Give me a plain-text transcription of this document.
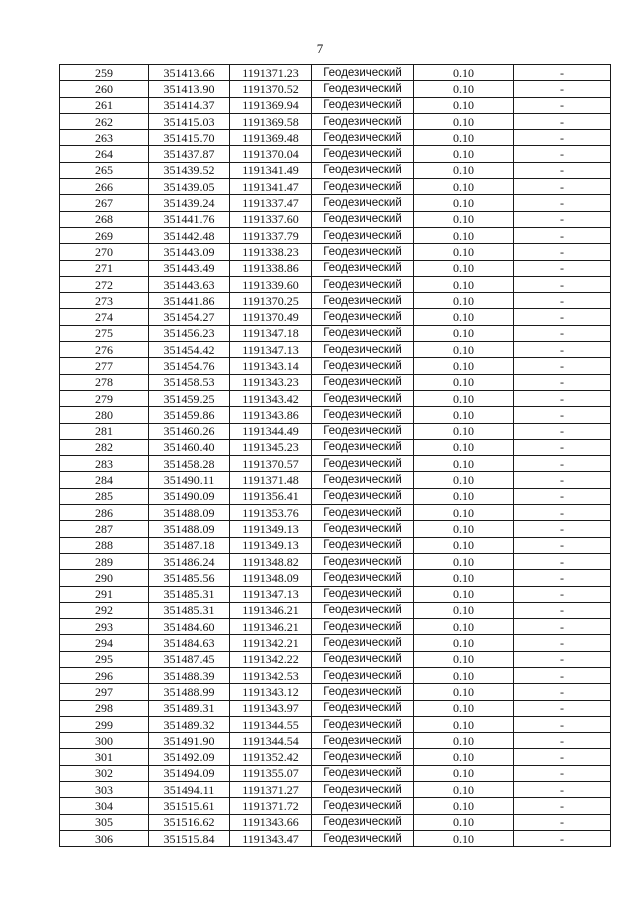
7
259	351413.66	1191371.23	Геодезический	0.10	-
260	351413.90	1191370.52	Геодезический	0.10	-
261	351414.37	1191369.94	Геодезический	0.10	-
262	351415.03	1191369.58	Геодезический	0.10	-
263	351415.70	1191369.48	Геодезический	0.10	-
264	351437.87	1191370.04	Геодезический	0.10	-
265	351439.52	1191341.49	Геодезический	0.10	-
266	351439.05	1191341.47	Геодезический	0.10	-
267	351439.24	1191337.47	Геодезический	0.10	-
268	351441.76	1191337.60	Геодезический	0.10	-
269	351442.48	1191337.79	Геодезический	0.10	-
270	351443.09	1191338.23	Геодезический	0.10	-
271	351443.49	1191338.86	Геодезический	0.10	-
272	351443.63	1191339.60	Геодезический	0.10	-
273	351441.86	1191370.25	Геодезический	0.10	-
274	351454.27	1191370.49	Геодезический	0.10	-
275	351456.23	1191347.18	Геодезический	0.10	-
276	351454.42	1191347.13	Геодезический	0.10	-
277	351454.76	1191343.14	Геодезический	0.10	-
278	351458.53	1191343.23	Геодезический	0.10	-
279	351459.25	1191343.42	Геодезический	0.10	-
280	351459.86	1191343.86	Геодезический	0.10	-
281	351460.26	1191344.49	Геодезический	0.10	-
282	351460.40	1191345.23	Геодезический	0.10	-
283	351458.28	1191370.57	Геодезический	0.10	-
284	351490.11	1191371.48	Геодезический	0.10	-
285	351490.09	1191356.41	Геодезический	0.10	-
286	351488.09	1191353.76	Геодезический	0.10	-
287	351488.09	1191349.13	Геодезический	0.10	-
288	351487.18	1191349.13	Геодезический	0.10	-
289	351486.24	1191348.82	Геодезический	0.10	-
290	351485.56	1191348.09	Геодезический	0.10	-
291	351485.31	1191347.13	Геодезический	0.10	-
292	351485.31	1191346.21	Геодезический	0.10	-
293	351484.60	1191346.21	Геодезический	0.10	-
294	351484.63	1191342.21	Геодезический	0.10	-
295	351487.45	1191342.22	Геодезический	0.10	-
296	351488.39	1191342.53	Геодезический	0.10	-
297	351488.99	1191343.12	Геодезический	0.10	-
298	351489.31	1191343.97	Геодезический	0.10	-
299	351489.32	1191344.55	Геодезический	0.10	-
300	351491.90	1191344.54	Геодезический	0.10	-
301	351492.09	1191352.42	Геодезический	0.10	-
302	351494.09	1191355.07	Геодезический	0.10	-
303	351494.11	1191371.27	Геодезический	0.10	-
304	351515.61	1191371.72	Геодезический	0.10	-
305	351516.62	1191343.66	Геодезический	0.10	-
306	351515.84	1191343.47	Геодезический	0.10	-
